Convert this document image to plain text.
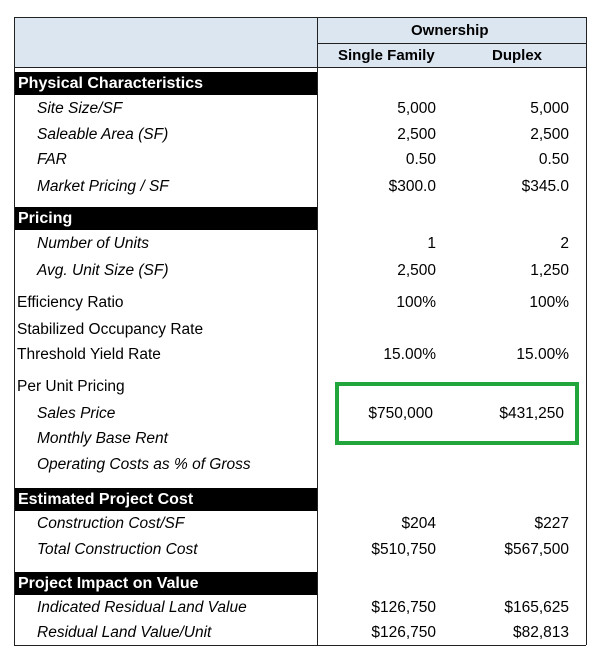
Ownership
Single Family	Duplex
Physical Characteristics
Site Size/SF	5,000	5,000
Saleable Area (SF)	2,500	2,500
FAR	0.50	0.50
Market Pricing / SF	$300.0	$345.0
Pricing
Number of Units	1	2
Avg. Unit Size (SF)	2,500	1,250
Efficiency Ratio	100%	100%
Stabilized Occupancy Rate
Threshold Yield Rate	15.00%	15.00%
Per Unit Pricing
Sales Price	$750,000	$431,250
Monthly Base Rent
Operating Costs as % of Gross
Estimated Project Cost
Construction Cost/SF	$204	$227
Total Construction Cost	$510,750	$567,500
Project Impact on Value
Indicated Residual Land Value	$126,750	$165,625
Residual Land Value/Unit	$126,750	$82,813
